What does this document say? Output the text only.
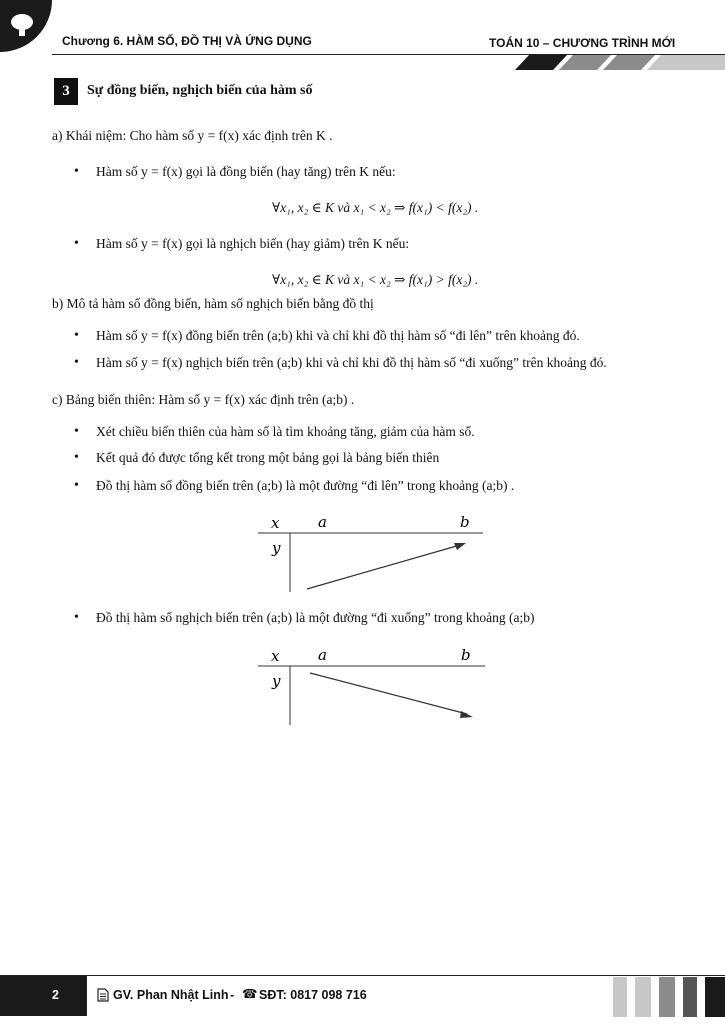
Chương 6. HÀM SỐ, ĐỒ THỊ VÀ ỨNG DỤNG	TOÁN 10 – CHƯƠNG TRÌNH MỚI
3	Sự đồng biến, nghịch biến của hàm số
a) Khái niệm: Cho hàm số y = f(x) xác định trên K .
• Hàm số y = f(x) gọi là đồng biến (hay tăng) trên K nếu:
∀x₁, x₂ ∈ K và x₁ < x₂ ⇒ f(x₁) < f(x₂) .
• Hàm số y = f(x) gọi là nghịch biến (hay giảm) trên K nếu:
∀x₁, x₂ ∈ K và x₁ < x₂ ⇒ f(x₁) > f(x₂) .
b) Mô tả hàm số đồng biến, hàm số nghịch biến bằng đồ thị
• Hàm số y = f(x) đồng biến trên (a;b) khi và chỉ khi đồ thị hàm số “đi lên” trên khoảng đó.
• Hàm số y = f(x) nghịch biến trên (a;b) khi và chỉ khi đồ thị hàm số “đi xuống” trên khoảng đó.
c) Bảng biến thiên: Hàm số y = f(x) xác định trên (a;b) .
• Xét chiều biến thiên của hàm số là tìm khoảng tăng, giảm của hàm số.
• Kết quả đó được tổng kết trong một bảng gọi là bảng biến thiên
• Đồ thị hàm số đồng biến trên (a;b) là một đường “đi lên” trong khoảng (a;b) .
x	a	b
y
• Đồ thị hàm số nghịch biến trên (a;b) là một đường “đi xuống” trong khoảng (a;b)
x	a	b
y
2	GV. Phan Nhật Linh - ☎ SĐT: 0817 098 716
